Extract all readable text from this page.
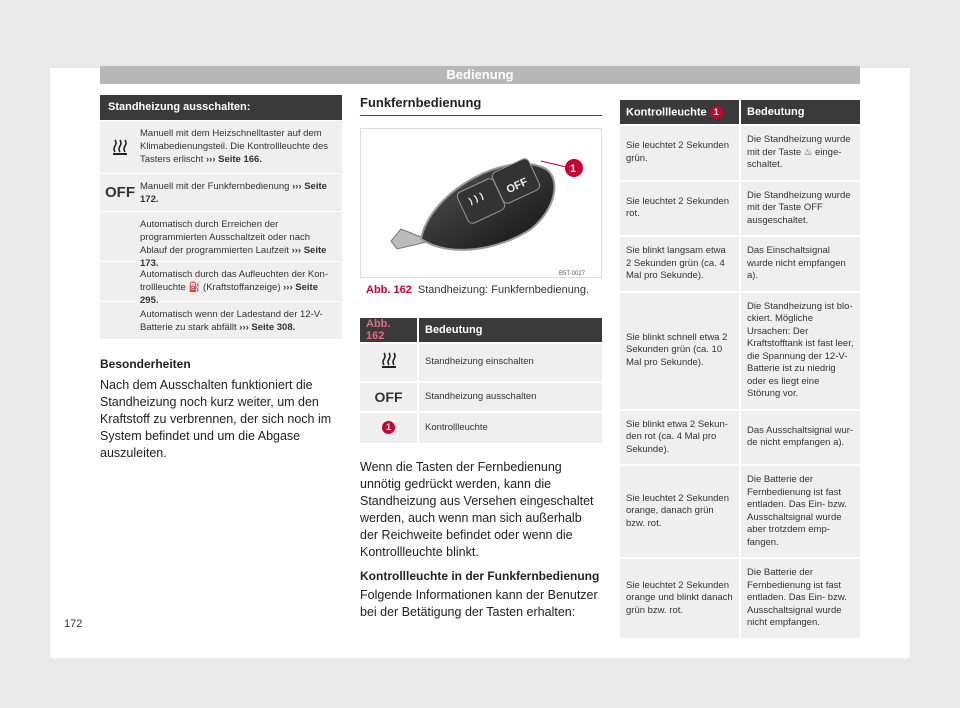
Bedienung
Standheizung ausschalten:
Manuell mit dem Heizschnelltaster auf dem Klimabedienungsteil. Die Kontrollleuchte des Tasters erlischt ››› Seite 166.
OFF Manuell mit der Funkfernbedienung ››› Seite 172.
Automatisch durch Erreichen der programmierten Ausschaltzeit oder nach Ablauf der programmierten Laufzeit ››› Seite 173.
Automatisch durch das Aufleuchten der Kontrollleuchte ⛽ (Kraftstoffanzeige) ››› Seite 295.
Automatisch wenn der Ladestand der 12-V-Batterie zu stark abfällt ››› Seite 308.
Besonderheiten
Nach dem Ausschalten funktioniert die Standheizung noch kurz weiter, um den Kraftstoff zu verbrennen, der sich noch im System befindet und um die Abgase auszuleiten.
Funkfernbedienung
OFF
1
B5T-0027
Abb. 162 Standheizung: Funkfernbedienung.
Abb. 162	Bedeutung
	Standheizung einschalten
OFF	Standheizung ausschalten
1	Kontrollleuchte
Wenn die Tasten der Fernbedienung unnötig gedrückt werden, kann die Standheizung aus Versehen eingeschaltet werden, auch wenn man sich außerhalb der Reichweite befindet oder wenn die Kontrollleuchte blinkt.
Kontrollleuchte in der Funkfernbedienung
Folgende Informationen kann der Benutzer bei der Betätigung der Tasten erhalten:
Kontrollleuchte 1	Bedeutung
Sie leuchtet 2 Sekunden grün.	Die Standheizung wurde mit der Taste ♨ eingeschaltet.
Sie leuchtet 2 Sekunden rot.	Die Standheizung wurde mit der Taste OFF ausgeschaltet.
Sie blinkt langsam etwa 2 Sekunden grün (ca. 4 Mal pro Sekunde).	Das Einschaltsignal wurde nicht empfangen a).
Sie blinkt schnell etwa 2 Sekunden grün (ca. 10 Mal pro Sekunde).	Die Standheizung ist blockiert. Mögliche Ursachen: Der Kraftstofftank ist fast leer, die Spannung der 12-V-Batterie ist zu niedrig oder es liegt eine Störung vor.
Sie blinkt etwa 2 Sekunden rot (ca. 4 Mal pro Sekunde).	Das Ausschaltsignal wurde nicht empfangen a).
Sie leuchtet 2 Sekunden orange, danach grün bzw. rot.	Die Batterie der Fernbedienung ist fast entladen. Das Ein- bzw. Ausschaltsignal wurde aber trotzdem empfangen.
Sie leuchtet 2 Sekunden orange und blinkt danach grün bzw. rot.	Die Batterie der Fernbedienung ist fast entladen. Das Ein- bzw. Ausschaltsignal wurde nicht empfangen.
172
